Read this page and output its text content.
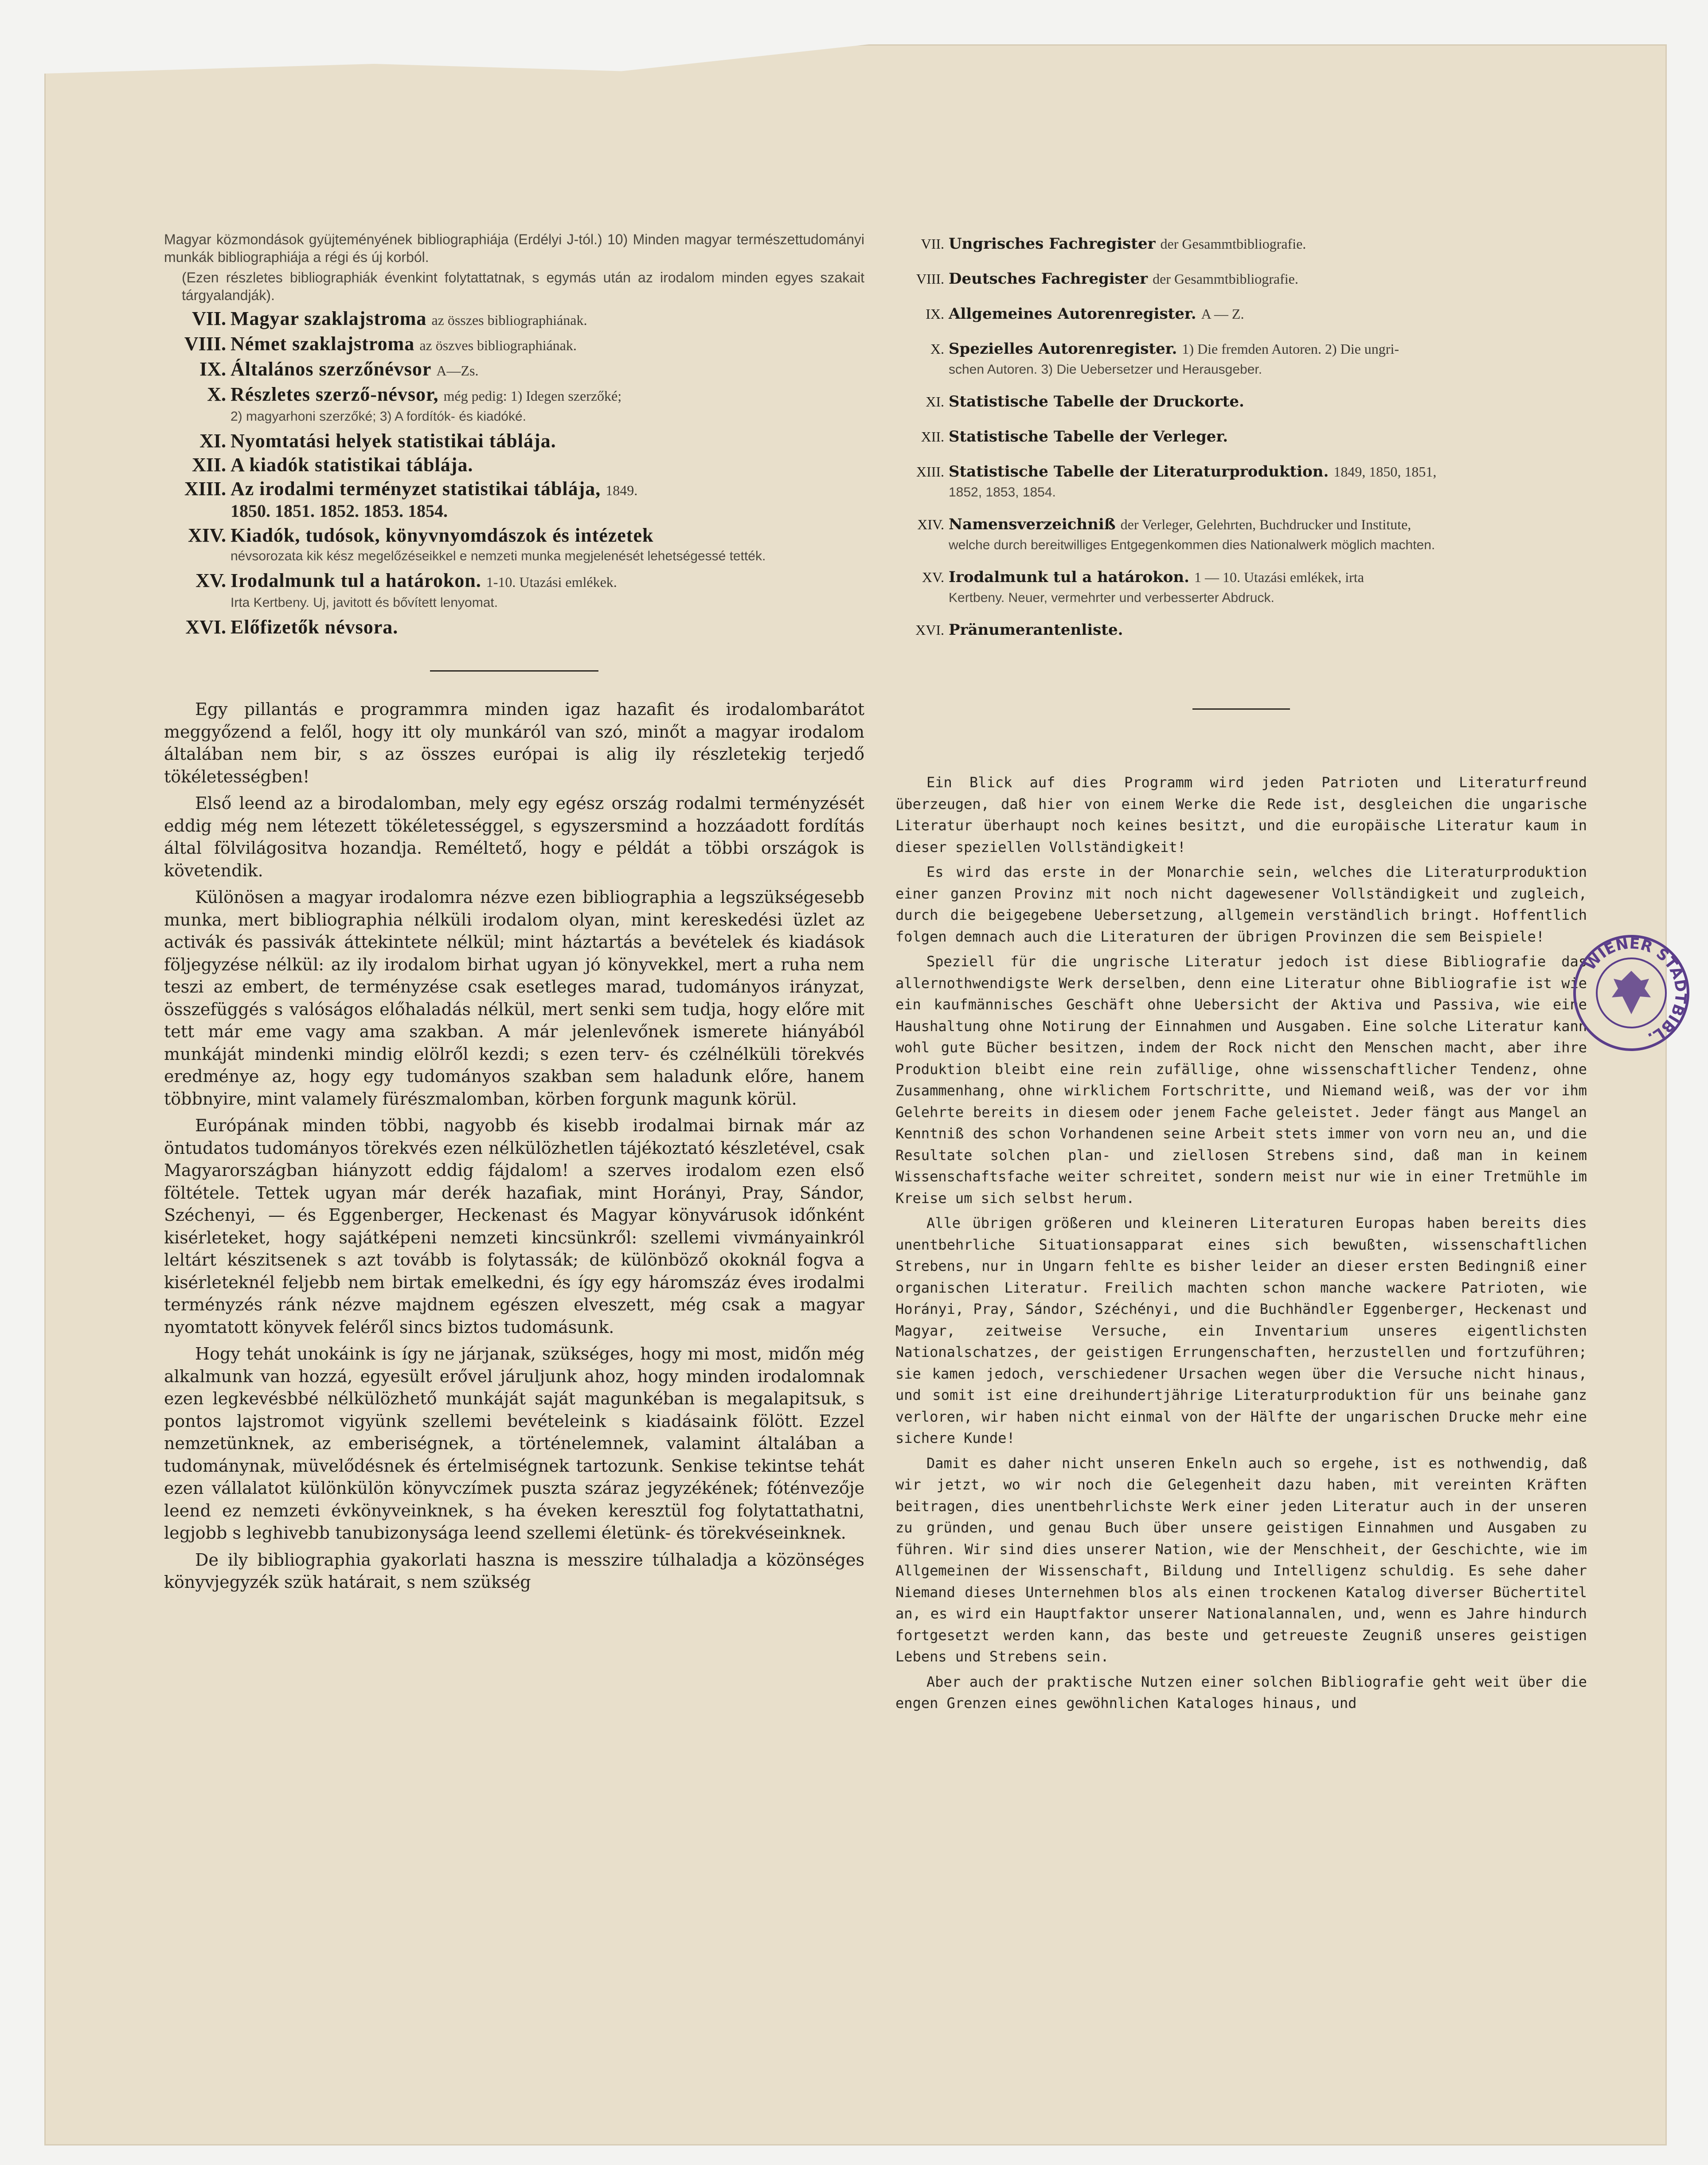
Magyar közmondások gyüjteményének bibliographiája (Erdélyi J-tól.) 10) Minden magyar természettudományi munkák bibliographiája a régi és új korból.

(Ezen részletes bibliographiák évenkint folytattatnak, s egymás után az irodalom minden egyes szakait tárgyalandják).

VII. Magyar szaklajstroma az összes bibliographiának.
VIII. Német szaklajstroma az öszves bibliographiának.
IX. Általános szerzőnévsor A—Zs.
X. Részletes szerző-névsor, még pedig: 1) Idegen szerzőké;

2) magyarhoni szerzőké; 3) A fordítók- és kiadóké.

XI. Nyomtatási helyek statistikai táblája.
XII. A kiadók statistikai táblája.
XIII. Az irodalmi terményzet statistikai táblája, 1849.

1850. 1851. 1852. 1853. 1854.

XIV. Kiadók, tudósok, könyvnyomdászok és intézetek

névsorozata kik kész megelőzéseikkel e nemzeti munka megjelenését lehetségessé tették.

XV. Irodalmunk tul a határokon. 1-10. Utazási emlékek.

Irta Kertbeny. Uj, javitott és bővített lenyomat.

XVI. Előfizetők névsora.

Egy pillantás e programmra minden igaz hazafit és irodalombarátot meggyőzend a felől, hogy itt oly munkáról van szó, minőt a magyar irodalom általában nem bir, s az összes európai is alig ily részletekig terjedő tökéletességben!

Első leend az a birodalomban, mely egy egész ország rodalmi terményzését eddig még nem létezett tökéletességgel, s egyszersmind a hozzáadott fordítás által fölvilágositva hozandja. Reméltető, hogy e példát a többi országok is követendik.

Különösen a magyar irodalomra nézve ezen bibliographia a legszükségesebb munka, mert bibliographia nélküli irodalom olyan, mint kereskedési üzlet az activák és passivák áttekintete nélkül; mint háztartás a bevételek és kiadások följegyzése nélkül: az ily irodalom birhat ugyan jó könyvekkel, mert a ruha nem teszi az embert, de terményzése csak esetleges marad, tudományos irányzat, összefüggés s valóságos előhaladás nélkül, mert senki sem tudja, hogy előre mit tett már eme vagy ama szakban. A már jelenlevőnek ismerete hiányából munkáját mindenki mindig elölről kezdi; s ezen terv- és czélnélküli törekvés eredménye az, hogy egy tudományos szakban sem haladunk előre, hanem többnyire, mint valamely fürészmalomban, körben forgunk magunk körül.

Európának minden többi, nagyobb és kisebb irodalmai birnak már az öntudatos tudományos törekvés ezen nélkülözhetlen tájékoztató készletével, csak Magyarországban hiányzott eddig fájdalom! a szerves irodalom ezen első föltétele. Tettek ugyan már derék hazafiak, mint Horányi, Pray, Sándor, Széchenyi, — és Eggenberger, Heckenast és Magyar könyvárusok időnként kisérleteket, hogy sajátképeni nemzeti kincsünkről: szellemi vivmányainkról leltárt készitsenek s azt tovább is folytassák; de különböző okoknál fogva a kisérleteknél feljebb nem birtak emelkedni, és így egy háromszáz éves irodalmi terményzés ránk nézve majdnem egészen elveszett, még csak a magyar nyomtatott könyvek feléről sincs biztos tudomásunk.

Hogy tehát unokáink is így ne járjanak, szükséges, hogy mi most, midőn még alkalmunk van hozzá, egyesült erővel járuljunk ahoz, hogy minden irodalomnak ezen legkevésbbé nélkülözhető munkáját saját magunkéban is megalapitsuk, s pontos lajstromot vigyünk szellemi bevételeink s kiadásaink fölött. Ezzel nemzetünknek, az emberiségnek, a történelemnek, valamint általában a tudománynak, müvelődésnek és értelmiségnek tartozunk. Senkise tekintse tehát ezen vállalatot különkülön könyvczímek puszta száraz jegyzékének; fóténvezője leend ez nemzeti évkönyveinknek, s ha éveken keresztül fog folytattathatni, legjobb s leghivebb tanubizonysága leend szellemi életünk- és törekvéseinknek.

De ily bibliographia gyakorlati haszna is messzire túlhaladja a közönséges könyvjegyzék szük határait, s nem szükség

VII. Ungrisches Fachregister der Gesammtbibliografie.
VIII. Deutsches Fachregister der Gesammtbibliografie.
IX. Allgemeines Autorenregister. A — Z.
X. Spezielles Autorenregister. 1) Die fremden Autoren. 2) Die ungri-

schen Autoren. 3) Die Uebersetzer und Herausgeber.

XI. Statistische Tabelle der Druckorte.
XII. Statistische Tabelle der Verleger.
XIII. Statistische Tabelle der Literaturproduktion. 1849, 1850, 1851,

1852, 1853, 1854.

XIV. Namensverzeichniß der Verleger, Gelehrten, Buchdrucker und Institute,

welche durch bereitwilliges Entgegenkommen dies Nationalwerk möglich machten.

XV. Irodalmunk tul a határokon. 1 — 10. Utazási emlékek, irta

Kertbeny. Neuer, vermehrter und verbesserter Abdruck.

XVI. Pränumerantenliste.

Ein Blick auf dies Programm wird jeden Patrioten und Literaturfreund überzeugen, daß hier von einem Werke die Rede ist, desgleichen die ungarische Literatur überhaupt noch keines besitzt, und die europäische Literatur kaum in dieser speziellen Vollständigkeit!

Es wird das erste in der Monarchie sein, welches die Literaturproduktion einer ganzen Provinz mit noch nicht dagewesener Vollständigkeit und zugleich, durch die beigegebene Uebersetzung, allgemein verständlich bringt. Hoffentlich folgen demnach auch die Literaturen der übrigen Provinzen die sem Beispiele!

Speziell für die ungrische Literatur jedoch ist diese Bibliografie das allernothwendigste Werk derselben, denn eine Literatur ohne Bibliografie ist wie ein kaufmännisches Geschäft ohne Uebersicht der Aktiva und Passiva, wie eine Haushaltung ohne Notirung der Einnahmen und Ausgaben. Eine solche Literatur kann wohl gute Bücher besitzen, indem der Rock nicht den Menschen macht, aber ihre Produktion bleibt eine rein zufällige, ohne wissenschaftlicher Tendenz, ohne Zusammenhang, ohne wirklichem Fortschritte, und Niemand weiß, was der vor ihm Gelehrte bereits in diesem oder jenem Fache geleistet. Jeder fängt aus Mangel an Kenntniß des schon Vorhandenen seine Arbeit stets immer von vorn neu an, und die Resultate solchen plan- und ziellosen Strebens sind, daß man in keinem Wissenschaftsfache weiter schreitet, sondern meist nur wie in einer Tretmühle im Kreise um sich selbst herum.

Alle übrigen größeren und kleineren Literaturen Europas haben bereits dies unentbehrliche Situationsapparat eines sich bewußten, wissenschaftlichen Strebens, nur in Ungarn fehlte es bisher leider an dieser ersten Bedingniß einer organischen Literatur. Freilich machten schon manche wackere Patrioten, wie Horányi, Pray, Sándor, Széchényi, und die Buchhändler Eggenberger, Heckenast und Magyar, zeitweise Versuche, ein Inventarium unseres eigentlichsten Nationalschatzes, der geistigen Errungenschaften, herzustellen und fortzuführen; sie kamen jedoch, verschiedener Ursachen wegen über die Versuche nicht hinaus, und somit ist eine dreihundertjährige Literaturproduktion für uns beinahe ganz verloren, wir haben nicht einmal von der Hälfte der ungarischen Drucke mehr eine sichere Kunde!

Damit es daher nicht unseren Enkeln auch so ergehe, ist es nothwendig, daß wir jetzt, wo wir noch die Gelegenheit dazu haben, mit vereinten Kräften beitragen, dies unentbehrlichste Werk einer jeden Literatur auch in der unseren zu gründen, und genau Buch über unsere geistigen Einnahmen und Ausgaben zu führen. Wir sind dies unserer Nation, wie der Menschheit, der Geschichte, wie im Allgemeinen der Wissenschaft, Bildung und Intelligenz schuldig. Es sehe daher Niemand dieses Unternehmen blos als einen trockenen Katalog diverser Büchertitel an, es wird ein Hauptfaktor unserer Nationalannalen, und, wenn es Jahre hindurch fortgesetzt werden kann, das beste und getreueste Zeugniß unseres geistigen Lebens und Strebens sein.

Aber auch der praktische Nutzen einer solchen Bibliografie geht weit über die engen Grenzen eines gewöhnlichen Kataloges hinaus, und

WIENER STADTBIBL.
